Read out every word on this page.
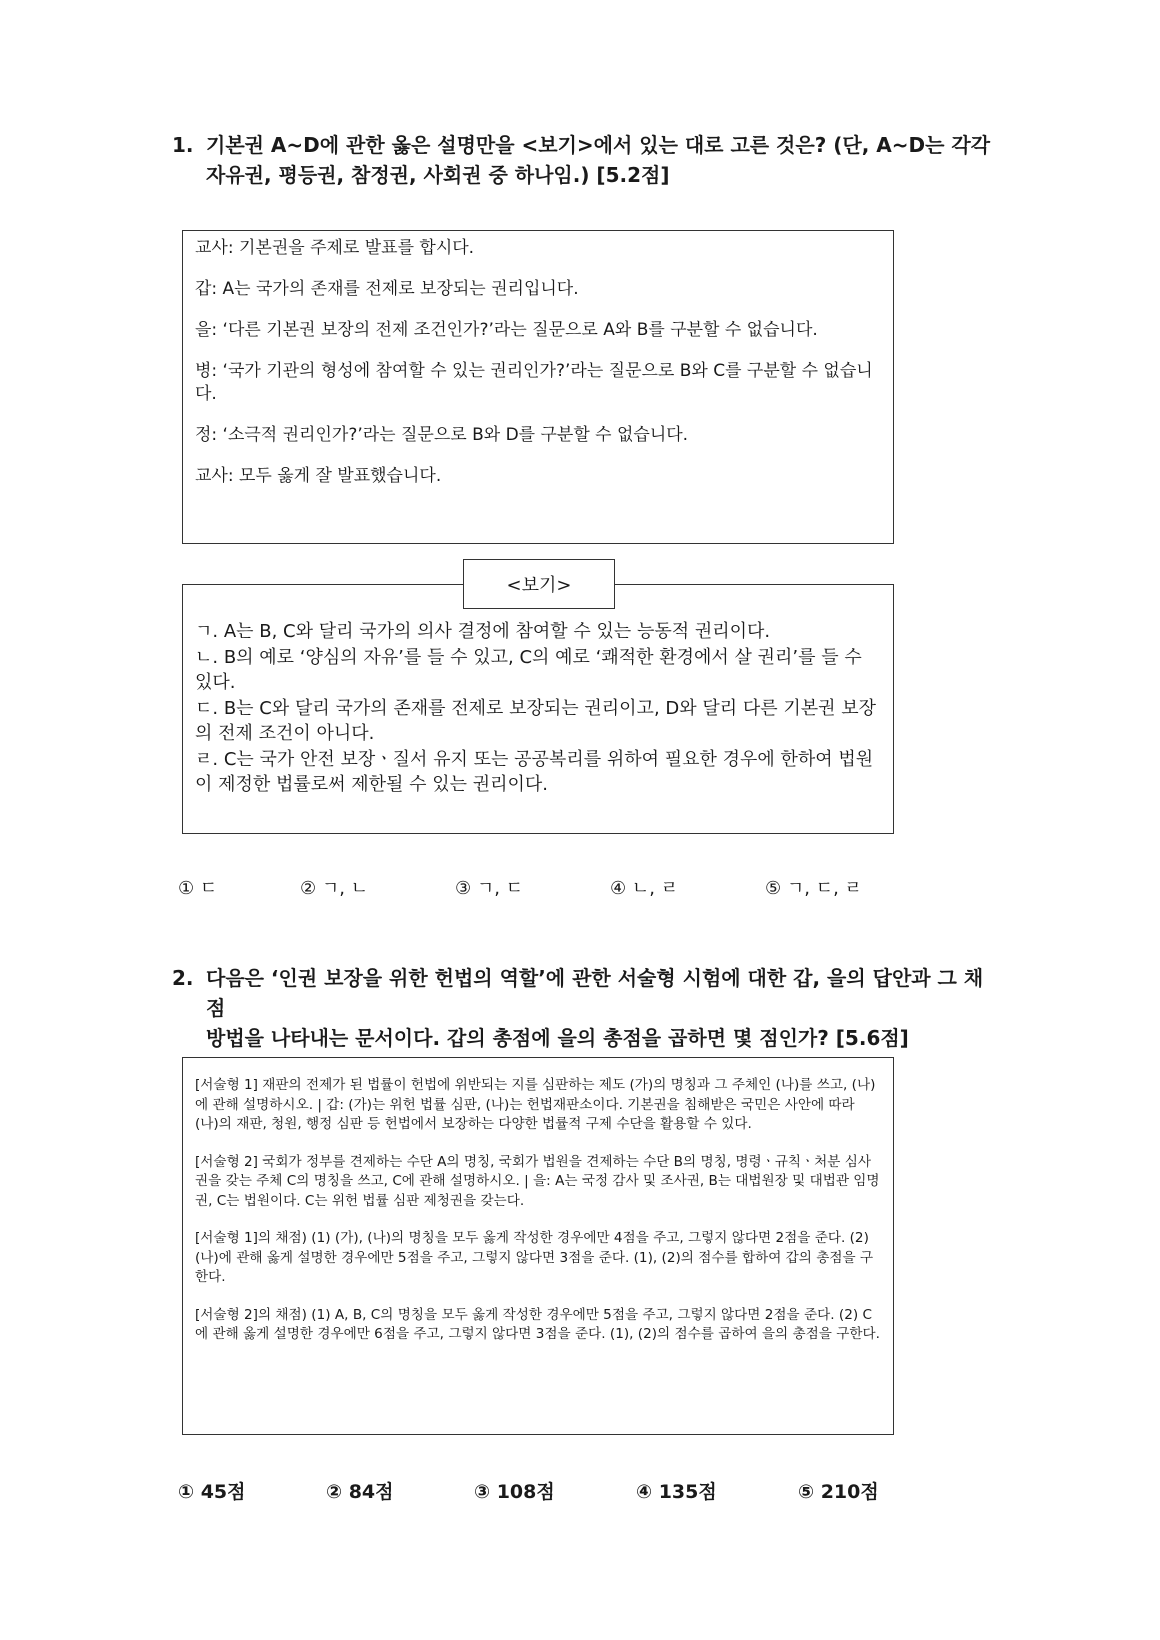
1. 기본권 A~D에 관한 옳은 설명만을 <보기>에서 있는 대로 고른 것은? (단, A~D는 각각
자유권, 평등권, 참정권, 사회권 중 하나임.) [5.2점]

교사: 기본권을 주제로 발표를 합시다.

갑: A는 국가의 존재를 전제로 보장되는 권리입니다.

을: ‘다른 기본권 보장의 전제 조건인가?’라는 질문으로 A와 B를 구분할 수 없습니다.

병: ‘국가 기관의 형성에 참여할 수 있는 권리인가?’라는 질문으로 B와 C를 구분할 수 없습니다.

정: ‘소극적 권리인가?’라는 질문으로 B와 D를 구분할 수 없습니다.

교사: 모두 옳게 잘 발표했습니다.

<보기>
ㄱ. A는 B, C와 달리 국가의 의사 결정에 참여할 수 있는 능동적 권리이다.
ㄴ. B의 예로 ‘양심의 자유’를 들 수 있고, C의 예로 ‘쾌적한 환경에서 살 권리’를 들 수 있다.
ㄷ. B는 C와 달리 국가의 존재를 전제로 보장되는 권리이고, D와 달리 다른 기본권 보장의 전제 조건이 아니다.
ㄹ. C는 국가 안전 보장ㆍ질서 유지 또는 공공복리를 위하여 필요한 경우에 한하여 법원이 제정한 법률로써 제한될 수 있는 권리이다.
① ㄷ	② ㄱ, ㄴ	③ ㄱ, ㄷ	④ ㄴ, ㄹ	⑤ ㄱ, ㄷ, ㄹ
2. 다음은 ‘인권 보장을 위한 헌법의 역할’에 관한 서술형 시험에 대한 갑, 을의 답안과 그 채점
방법을 나타내는 문서이다. 갑의 총점에 을의 총점을 곱하면 몇 점인가? [5.6점]

[서술형 1] 재판의 전제가 된 법률이 헌법에 위반되는 지를 심판하는 제도 (가)의 명칭과 그 주체인 (나)를 쓰고, (나)에 관해 설명하시오. | 갑: (가)는 위헌 법률 심판, (나)는 헌법재판소이다. 기본권을 침해받은 국민은 사안에 따라 (나)의 재판, 청원, 행정 심판 등 헌법에서 보장하는 다양한 법률적 구제 수단을 활용할 수 있다.

[서술형 2] 국회가 정부를 견제하는 수단 A의 명칭, 국회가 법원을 견제하는 수단 B의 명칭, 명령ㆍ규칙ㆍ처분 심사권을 갖는 주체 C의 명칭을 쓰고, C에 관해 설명하시오. | 을: A는 국정 감사 및 조사권, B는 대법원장 및 대법관 임명권, C는 법원이다. C는 위헌 법률 심판 제청권을 갖는다.

[서술형 1]의 채점) (1) (가), (나)의 명칭을 모두 옳게 작성한 경우에만 4점을 주고, 그렇지 않다면 2점을 준다. (2) (나)에 관해 옳게 설명한 경우에만 5점을 주고, 그렇지 않다면 3점을 준다. (1), (2)의 점수를 합하여 갑의 총점을 구한다.

[서술형 2]의 채점) (1) A, B, C의 명칭을 모두 옳게 작성한 경우에만 5점을 주고, 그렇지 않다면 2점을 준다. (2) C에 관해 옳게 설명한 경우에만 6점을 주고, 그렇지 않다면 3점을 준다. (1), (2)의 점수를 곱하여 을의 총점을 구한다.

① 45점	② 84점	③ 108점	④ 135점	⑤ 210점
